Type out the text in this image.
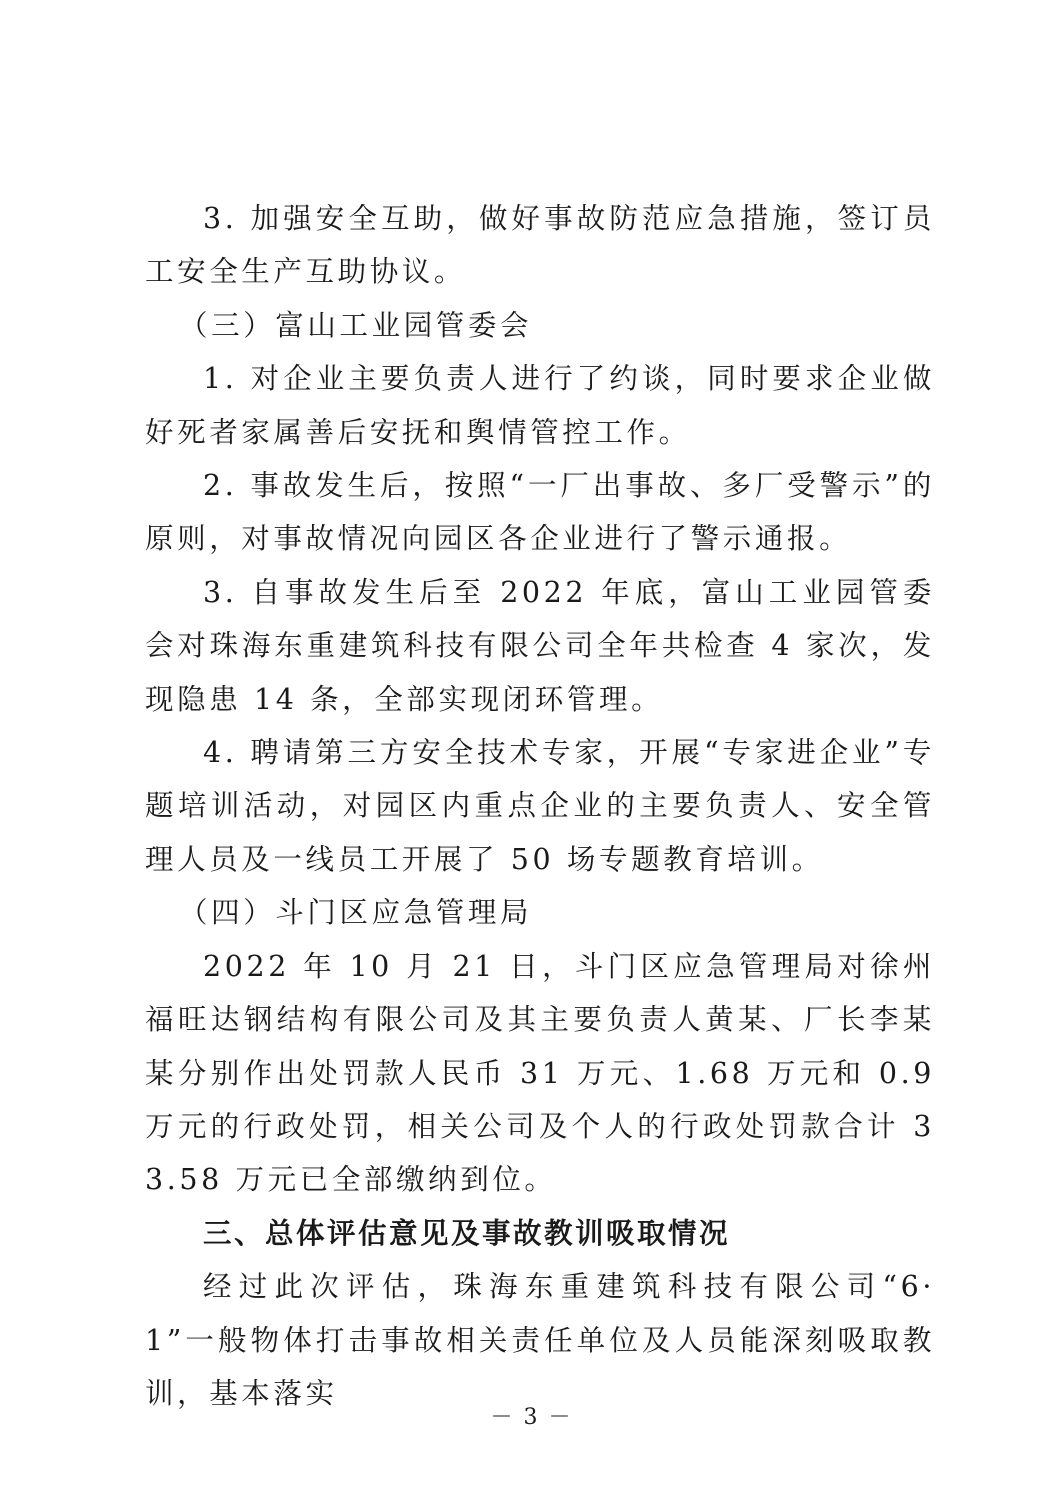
3. 加强安全互助，做好事故防范应急措施，签订员工安全生产互助协议。

（三）富山工业园管委会

1. 对企业主要负责人进行了约谈，同时要求企业做好死者家属善后安抚和舆情管控工作。

2. 事故发生后，按照“一厂出事故、多厂受警示”的原则，对事故情况向园区各企业进行了警示通报。

3. 自事故发生后至 2022 年底，富山工业园管委会对珠海东重建筑科技有限公司全年共检查 4 家次，发现隐患 14 条，全部实现闭环管理。

4. 聘请第三方安全技术专家，开展“专家进企业”专题培训活动，对园区内重点企业的主要负责人、安全管理人员及一线员工开展了 50 场专题教育培训。

（四）斗门区应急管理局

2022 年 10 月 21 日，斗门区应急管理局对徐州福旺达钢结构有限公司及其主要负责人黄某、厂长李某某分别作出处罚款人民币 31 万元、1.68 万元和 0.9 万元的行政处罚，相关公司及个人的行政处罚款合计 33.58 万元已全部缴纳到位。

三、总体评估意见及事故教训吸取情况

经过此次评估，珠海东重建筑科技有限公司“6·1”一般物体打击事故相关责任单位及人员能深刻吸取教训，基本落实

－ 3 －
